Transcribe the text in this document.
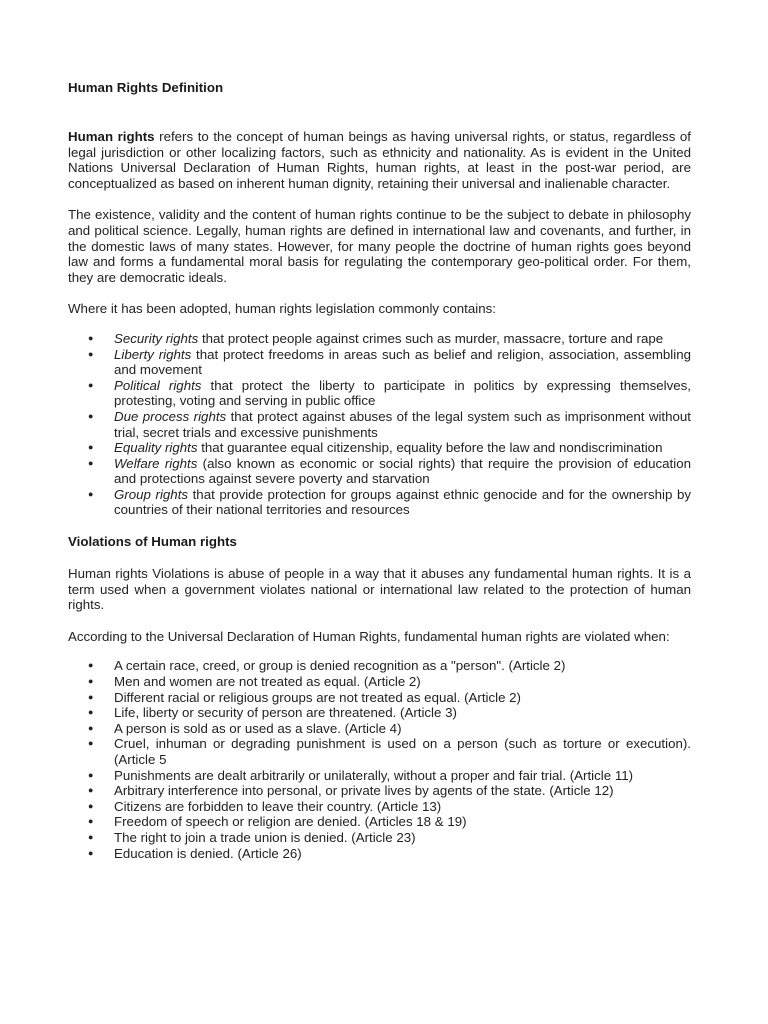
Human Rights Definition

Human rights refers to the concept of human beings as having universal rights, or status, regardless of legal jurisdiction or other localizing factors, such as ethnicity and nationality. As is evident in the United Nations Universal Declaration of Human Rights, human rights, at least in the post-war period, are conceptualized as based on inherent human dignity, retaining their universal and inalienable character.

The existence, validity and the content of human rights continue to be the subject to debate in philosophy and political science. Legally, human rights are defined in international law and covenants, and further, in the domestic laws of many states. However, for many people the doctrine of human rights goes beyond law and forms a fundamental moral basis for regulating the contemporary geo-political order. For them, they are democratic ideals.

Where it has been adopted, human rights legislation commonly contains:

● Security rights that protect people against crimes such as murder, massacre, torture and rape
● Liberty rights that protect freedoms in areas such as belief and religion, association, assembling and movement
● Political rights that protect the liberty to participate in politics by expressing themselves, protesting, voting and serving in public office
● Due process rights that protect against abuses of the legal system such as imprisonment without trial, secret trials and excessive punishments
● Equality rights that guarantee equal citizenship, equality before the law and nondiscrimination
● Welfare rights (also known as economic or social rights) that require the provision of education and protections against severe poverty and starvation
● Group rights that provide protection for groups against ethnic genocide and for the ownership by countries of their national territories and resources
Violations of Human rights

Human rights Violations is abuse of people in a way that it abuses any fundamental human rights. It is a term used when a government violates national or international law related to the protection of human rights.

According to the Universal Declaration of Human Rights, fundamental human rights are violated when:

● A certain race, creed, or group is denied recognition as a "person". (Article 2)
● Men and women are not treated as equal. (Article 2)
● Different racial or religious groups are not treated as equal. (Article 2)
● Life, liberty or security of person are threatened. (Article 3)
● A person is sold as or used as a slave. (Article 4)
● Cruel, inhuman or degrading punishment is used on a person (such as torture or execution). (Article 5
● Punishments are dealt arbitrarily or unilaterally, without a proper and fair trial. (Article 11)
● Arbitrary interference into personal, or private lives by agents of the state. (Article 12)
● Citizens are forbidden to leave their country. (Article 13)
● Freedom of speech or religion are denied. (Articles 18 & 19)
● The right to join a trade union is denied. (Article 23)
● Education is denied. (Article 26)
